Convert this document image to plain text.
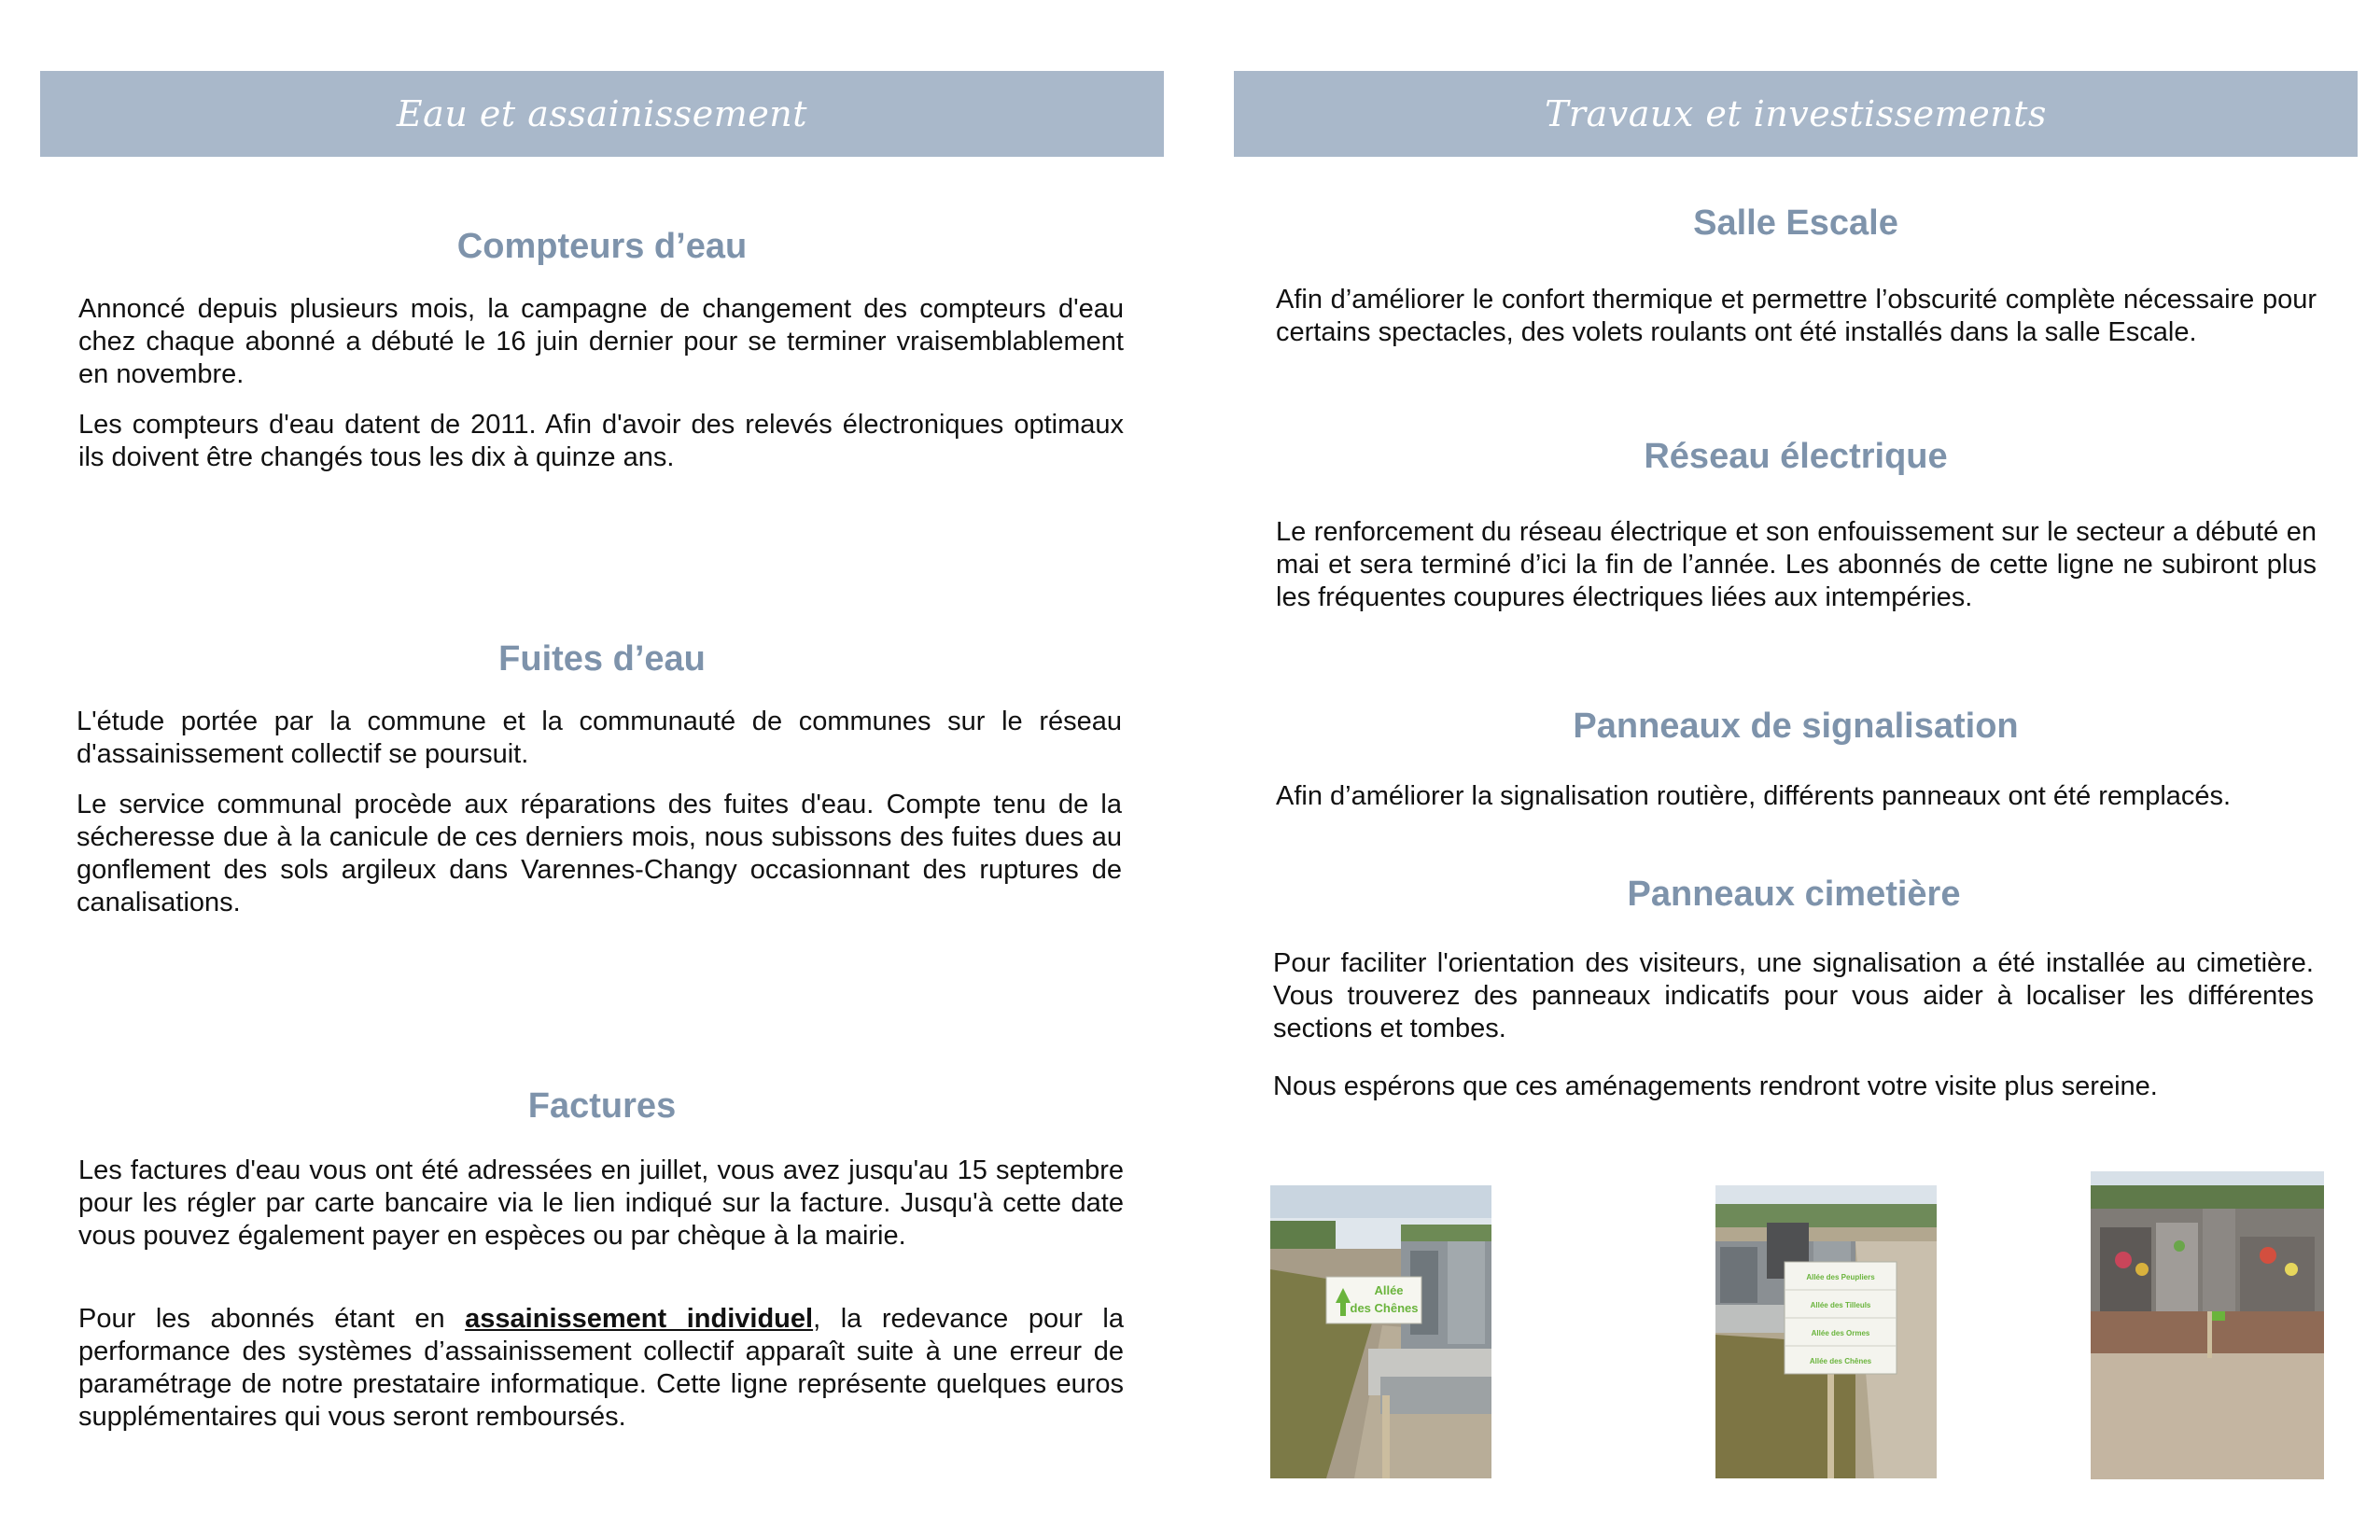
Eau et assainissement
Compteurs d’eau

Annoncé depuis plusieurs mois, la campagne de changement des compteurs d'eau chez chaque abonné a débuté le 16 juin dernier pour se terminer vraisemblablement en novembre.

Les compteurs d'eau datent de 2011. Afin d'avoir des relevés électroniques optimaux ils doivent être changés tous les dix à quinze ans.

Fuites d’eau

L'étude portée par la commune et la communauté de communes sur le réseau d'assainissement collectif se poursuit.

Le service communal procède aux réparations des fuites d'eau. Compte tenu de la sécheresse due à la canicule de ces derniers mois, nous subissons des fuites dues au gonflement des sols argileux dans Varennes-Changy occasionnant des ruptures de canalisations.

Factures

Les factures d'eau vous ont été adressées en juillet, vous avez jusqu'au 15 septembre pour les régler par carte bancaire via le lien indiqué sur la facture. Jusqu'à cette date vous pouvez également payer en espèces ou par chèque à la mairie.

Pour les abonnés étant en assainissement individuel, la redevance pour la performance des systèmes d’assainissement collectif apparaît suite à une erreur de paramétrage de notre prestataire informatique. Cette ligne représente quelques euros supplémentaires qui vous seront remboursés.

Travaux et investissements
Salle Escale

Afin d’améliorer le confort thermique et permettre l’obscurité complète nécessaire pour certains spectacles, des volets roulants ont été installés dans la salle Escale.

Réseau électrique

Le renforcement du réseau électrique et son enfouissement sur le secteur a débuté en mai et sera terminé d’ici la fin de l’année. Les abonnés de cette ligne ne subiront plus les fréquentes coupures électriques liées aux intempéries.

Panneaux de signalisation

Afin d’améliorer la signalisation routière, différents panneaux ont été remplacés.

Panneaux cimetière

Pour faciliter l'orientation des visiteurs, une signalisation a été installée au cimetière. Vous trouverez des panneaux indicatifs pour vous aider à localiser les différentes sections et tombes.

Nous espérons que ces aménagements rendront votre visite plus sereine.

Allée
des Chênes
Allée des Peupliers
Allée des Tilleuls
Allée des Ormes
Allée des Chênes
